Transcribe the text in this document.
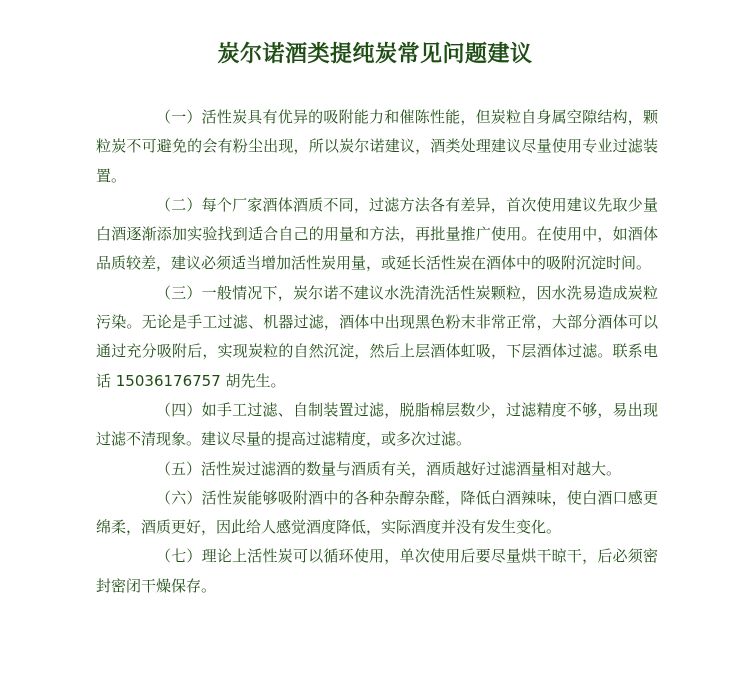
炭尔诺酒类提纯炭常见问题建议

（一）活性炭具有优异的吸附能力和催陈性能，但炭粒自身属空隙结构，颗粒炭不可避免的会有粉尘出现，所以炭尔诺建议，酒类处理建议尽量使用专业过滤装置。

（二）每个厂家酒体酒质不同，过滤方法各有差异，首次使用建议先取少量白酒逐渐添加实验找到适合自己的用量和方法，再批量推广使用。在使用中，如酒体品质较差，建议必须适当增加活性炭用量，或延长活性炭在酒体中的吸附沉淀时间。

（三）一般情况下，炭尔诺不建议水洗清洗活性炭颗粒，因水洗易造成炭粒污染。无论是手工过滤、机器过滤，酒体中出现黑色粉末非常正常，大部分酒体可以通过充分吸附后，实现炭粒的自然沉淀，然后上层酒体虹吸，下层酒体过滤。联系电话 15036176757 胡先生。

（四）如手工过滤、自制装置过滤，脱脂棉层数少，过滤精度不够，易出现过滤不清现象。建议尽量的提高过滤精度，或多次过滤。

（五）活性炭过滤酒的数量与酒质有关，酒质越好过滤酒量相对越大。

（六）活性炭能够吸附酒中的各种杂醇杂醛，降低白酒辣味，使白酒口感更绵柔，酒质更好，因此给人感觉酒度降低，实际酒度并没有发生变化。

（七）理论上活性炭可以循环使用，单次使用后要尽量烘干晾干，后必须密封密闭干燥保存。
